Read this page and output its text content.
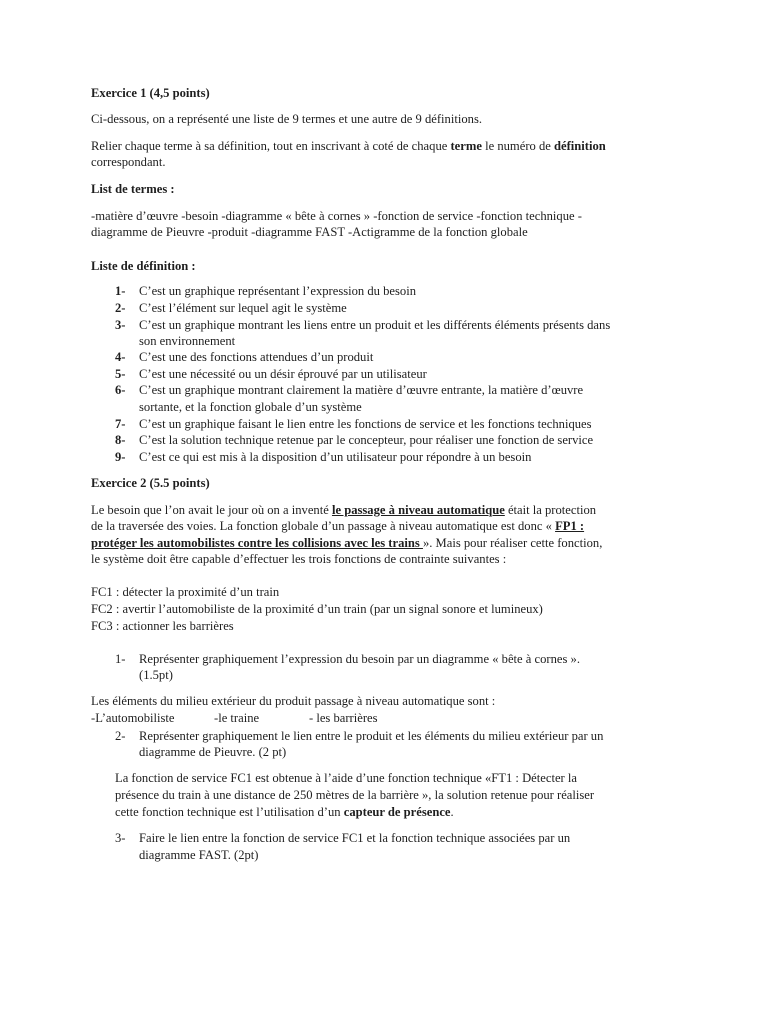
Exercice 1 (4,5 points)
Ci-dessous, on a représenté une liste de 9 termes et une autre de 9 définitions.
Relier chaque terme à sa définition, tout en inscrivant à coté de chaque terme le numéro de définition
correspondant.
List de termes :
-matière d’œuvre -besoin -diagramme « bête à cornes » -fonction de service -fonction technique -
diagramme de Pieuvre -produit -diagramme FAST -Actigramme de la fonction globale
Liste de définition :
1- C’est un graphique représentant l’expression du besoin
2- C’est l’élément sur lequel agit le système
3- C’est un graphique montrant les liens entre un produit et les différents éléments présents dans
son environnement
4- C’est une des fonctions attendues d’un produit
5- C’est une nécessité ou un désir éprouvé par un utilisateur
6- C’est un graphique montrant clairement la matière d’œuvre entrante, la matière d’œuvre
sortante, et la fonction globale d’un système
7- C’est un graphique faisant le lien entre les fonctions de service et les fonctions techniques
8- C’est la solution technique retenue par le concepteur, pour réaliser une fonction de service
9- C’est ce qui est mis à la disposition d’un utilisateur pour répondre à un besoin
Exercice 2 (5.5 points)
Le besoin que l’on avait le jour où on a inventé le passage à niveau automatique était la protection
de la traversée des voies. La fonction globale d’un passage à niveau automatique est donc « FP1 :
protéger les automobilistes contre les collisions avec les trains ». Mais pour réaliser cette fonction,
le système doit être capable d’effectuer les trois fonctions de contrainte suivantes :
FC1 : détecter la proximité d’un train
FC2 : avertir l’automobiliste de la proximité d’un train (par un signal sonore et lumineux)
FC3 : actionner les barrières
1- Représenter graphiquement l’expression du besoin par un diagramme « bête à cornes ».
(1.5pt)
Les éléments du milieu extérieur du produit passage à niveau automatique sont :
-L’automobiliste	-le traine	- les barrières
2- Représenter graphiquement le lien entre le produit et les éléments du milieu extérieur par un
diagramme de Pieuvre. (2 pt)
La fonction de service FC1 est obtenue à l’aide d’une fonction technique «FT1 : Détecter la
présence du train à une distance de 250 mètres de la barrière », la solution retenue pour réaliser
cette fonction technique est l’utilisation d’un capteur de présence.
3- Faire le lien entre la fonction de service FC1 et la fonction technique associées par un
diagramme FAST. (2pt)
